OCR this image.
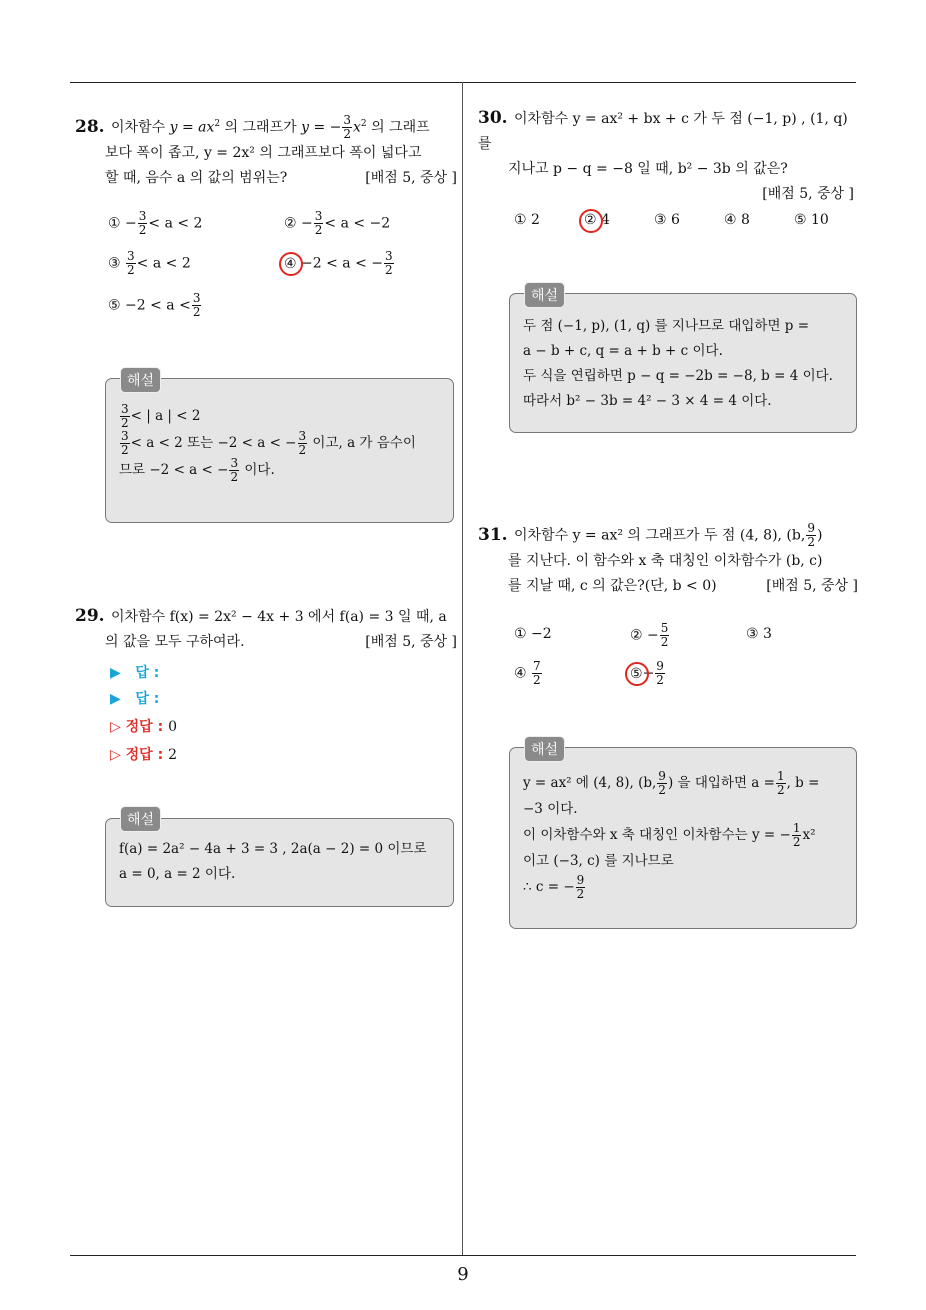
9
28. 이차함수 $y = ax^2$ 의 그래프가 y = − $\frac{3}{2} x^2$ 의 그래프
보다 폭이 좁고, y = 2x² 의 그래프보다 폭이 넓다고
할 때, 음수 a 의 값의 범위는?	[배점 5, 중상 ]
① − $\frac{3}{2} < a < 2$	② − $\frac{3}{2} < a < -2$
③ $\frac{3}{2} < a < 2$	④ −2 < a < − $\frac{3}{2}$
⑤ $-2 < a < \frac{3}{2}$
$\frac{3}{2}$ < | a | < 2
$\frac{3}{2} < a < 2$ 또는 −2 < a < − $\frac{3}{2}$ 이고, a 가 음수이
므로 −2 < a < − $\frac{3}{2}$ 이다.
해설
29. 이차함수 f(x) = 2x² − 4x + 3 에서 f(a) = 3 일 때, a
의 값을 모두 구하여라.	[배점 5, 중상 ]
▶ 답 :
▶ 답 :
▷ 정답 : 0
▷ 정답 : 2
f(a) = 2a² − 4a + 3 = 3 , 2a(a − 2) = 0 이므로
a = 0, a = 2 이다.
해설
30. 이차함수 y = ax² + bx + c 가 두 점 (−1, p) , (1, q) 를
지나고 p − q = −8 일 때, b² − 3b 의 값은?
[배점 5, 중상 ]
① 2	② 4	③ 6	④ 8	⑤ 10
두 점 (−1, p), (1, q) 를 지나므로 대입하면 p =
a − b + c, q = a + b + c 이다.
두 식을 연립하면 p − q = −2b = −8, b = 4 이다.
따라서 b² − 3b = 4² − 3 × 4 = 4 이다.
해설
31. 이차함수 y = ax² 의 그래프가 두 점 (4, 8), (b, $\frac{9}{2}$ )
를 지난다. 이 함수와 x 축 대칭인 이차함수가 (b, c)
를 지날 때, c 의 값은?(단, b < 0)	[배점 5, 중상 ]
① −2	② − $\frac{5}{2}$	③ 3
④ $\frac{7}{2}$	⑤
− $\frac{9}{2}$
y = ax² 에 (4, 8), (b, $\frac{9}{2}$ ) 을 대입하면 $a = \frac{1}{2}$ , b =
−3 이다.
이 이차함수와 x 축 대칭인 이차함수는 y = − $\frac{1}{2} x^2$
이고 (−3, c) 를 지나므로
∴ c = − $\frac{9}{2}$
해설
